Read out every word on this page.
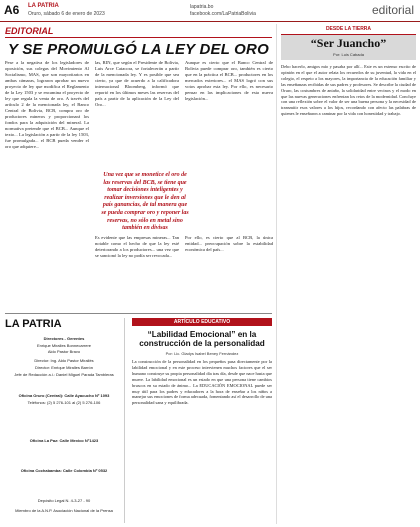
A6 LA PATRIA
Oruro, sábado 6 de enero de 2023
lapatria.bo
facebook.com/LaPatriaBolivia	editorial
EDITORIAL
Y SE PROMULGÓ LA LEY DEL ORO
Pese a la negativa de los legisladores de oposición, sus colegas del Movimiento Al Socialismo, MAS, que son mayoritarios en ambas cámaras, lograron aprobar un nuevo proyecto de ley que modifica el Reglamento de la Ley 1503 y se encamina el proyecto de ley que regula la venta de oro. A través del artículo 2 de la mencionada ley, el Banco Central de Bolivia, BCB, compra oro de productores mineros y proporcionará los fondos para la adquisición del mineral. La normativa pretende que el BCB... Aunque el texto... La legislación a partir de la ley 1503, fue promulgada... el BCB pueda vender el oro que adquiere...
las, RIN, que según el Presidente de Bolivia, Luis Arce Catacora, se fortalecerán a partir de la mencionada ley. Y es posible que sea cierto, ya que de acuerdo a la calificadora internacional Bloomberg, informó que reportó en los últimos meses las reservas del país a partir de la aplicación de la Ley del Oro...
Una vez que se monetice el oro de las reservas del BCB, se tiene que tomar decisiones inteligentes y realizar inversiones que le den al país ganancias, de tal manera que se pueda comprar oro y reponer las reservas, no sólo en metal sino también en divisas
Es evidente que las empresas mineras... Tan notable como el hecho de que la ley esté deteriorando a los productores... una vez que se sancionó la ley no podía ser revocada...
Aunque es cierto que el Banco Central de Bolivia puede comprar oro, también es cierto que en la práctica el BCB... productores en los mercados exteriores... el MAS logró con sus votos aprobar esta ley. Por ello, es necesario pensar en las implicaciones de esta nueva legislación...
Por ello, es cierto que al BCB, la única entidad... preocupación sobre la estabilidad económica del país...
DESDE LA TIERRA
“Ser Juancho”
Por: Luis Cabada
Debo hacerlo, amigos mío y pasaba por allí... Este es un extenso escrito de opinión en el que el autor relata los recuerdos de su juventud, la vida en el colegio, el respeto a los mayores, la importancia de la educación familiar y las enseñanzas recibidas de sus padres y profesores. Se describe la ciudad de Oruro, las costumbres de antaño, la solidaridad entre vecinos y el modo en que las nuevas generaciones enfrentan los retos de la modernidad. Concluye con una reflexión sobre el valor de ser una buena persona y la necesidad de transmitir esos valores a los hijos, recordando con afecto las palabras de quienes le enseñaron a caminar por la vida con honestidad y trabajo.
LA PATRIA
Directores - Gerentes
Enrique Miralles Bonnecarrere
Aldo Pastor Bravo
Director: Ing. Aldo Pastor Mirallés
Director: Enrique Miralles Barrón
Jefe de Redacción a.i.: Daniel Miguel Parada Tambleras
Oficina Oruro (Central): Calle Ayacucho Nº 1093
Teléfonos: (2) 5 276-101 al (2) 5 276-106
Oficina La Paz: Calle Mexico N°1423
Oficina Cochabamba: Calle Colombia Nº 0532
Depósito Legal N. 4-3-27 - 90
Miembro de la A.N.P. Asociación Nacional de la Prensa
ARTÍCULO EDUCATIVO
“Labilidad Emocional” en la construcción de la personalidad
Por: Lic. Gladys Isabel Beney Fernández
La construcción de la personalidad en los pequeños pasa directamente por la labilidad emocional y en este proceso intervienen muchos factores que el ser humano construye su propia personalidad día tras día, desde que nace hasta que muere. La labilidad emocional es un estado en que una persona tiene cambios bruscos en su estado de ánimo... La EDUCACIÓN EMOCIONAL puede ser muy útil para los padres y educadores a la hora de enseñar a los niños a manejar sus emociones de forma adecuada, fomentando así el desarrollo de una personalidad sana y equilibrada.
